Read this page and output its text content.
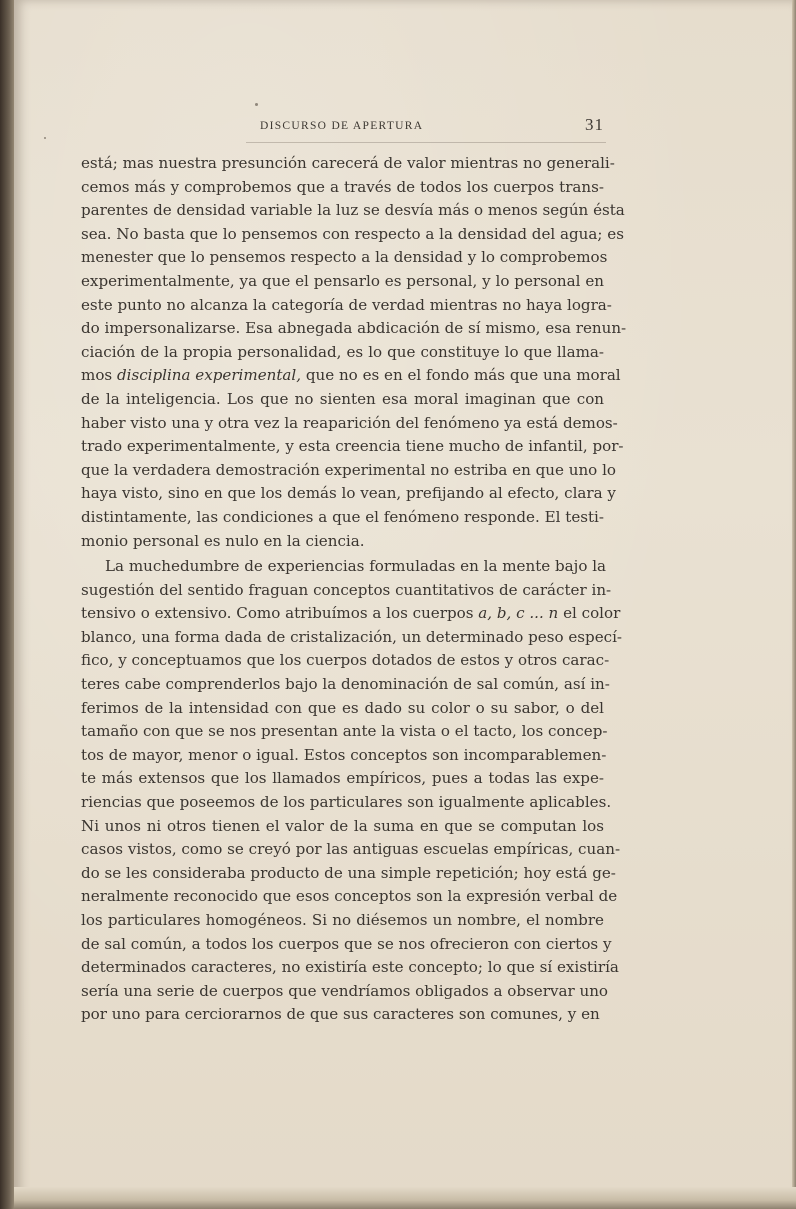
DISCURSO DE APERTURA	31
está; mas nuestra presunción carecerá de valor mientras no generali-
cemos más y comprobemos que a través de todos los cuerpos trans-
parentes de densidad variable la luz se desvía más o menos según ésta
sea. No basta que lo pensemos con respecto a la densidad del agua; es
menester que lo pensemos respecto a la densidad y lo comprobemos
experimentalmente, ya que el pensarlo es personal, y lo personal en
este punto no alcanza la categoría de verdad mientras no haya logra-
do impersonalizarse. Esa abnegada abdicación de sí mismo, esa renun-
ciación de la propia personalidad, es lo que constituye lo que llama-
mos disciplina experimental, que no es en el fondo más que una moral
de la inteligencia. Los que no sienten esa moral imaginan que con
haber visto una y otra vez la reaparición del fenómeno ya está demos-
trado experimentalmente, y esta creencia tiene mucho de infantil, por-
que la verdadera demostración experimental no estriba en que uno lo
haya visto, sino en que los demás lo vean, prefijando al efecto, clara y
distintamente, las condiciones a que el fenómeno responde. El testi-
monio personal es nulo en la ciencia.
La muchedumbre de experiencias formuladas en la mente bajo la
sugestión del sentido fraguan conceptos cuantitativos de carácter in-
tensivo o extensivo. Como atribuímos a los cuerpos a, b, c ... n el color
blanco, una forma dada de cristalización, un determinado peso especí-
fico, y conceptuamos que los cuerpos dotados de estos y otros carac-
teres cabe comprenderlos bajo la denominación de sal común, así in-
ferimos de la intensidad con que es dado su color o su sabor, o del
tamaño con que se nos presentan ante la vista o el tacto, los concep-
tos de mayor, menor o igual. Estos conceptos son incomparablemen-
te más extensos que los llamados empíricos, pues a todas las expe-
riencias que poseemos de los particulares son igualmente aplicables.
Ni unos ni otros tienen el valor de la suma en que se computan los
casos vistos, como se creyó por las antiguas escuelas empíricas, cuan-
do se les consideraba producto de una simple repetición; hoy está ge-
neralmente reconocido que esos conceptos son la expresión verbal de
los particulares homogéneos. Si no diésemos un nombre, el nombre
de sal común, a todos los cuerpos que se nos ofrecieron con ciertos y
determinados caracteres, no existiría este concepto; lo que sí existiría
sería una serie de cuerpos que vendríamos obligados a observar uno
por uno para cerciorarnos de que sus caracteres son comunes, y en
